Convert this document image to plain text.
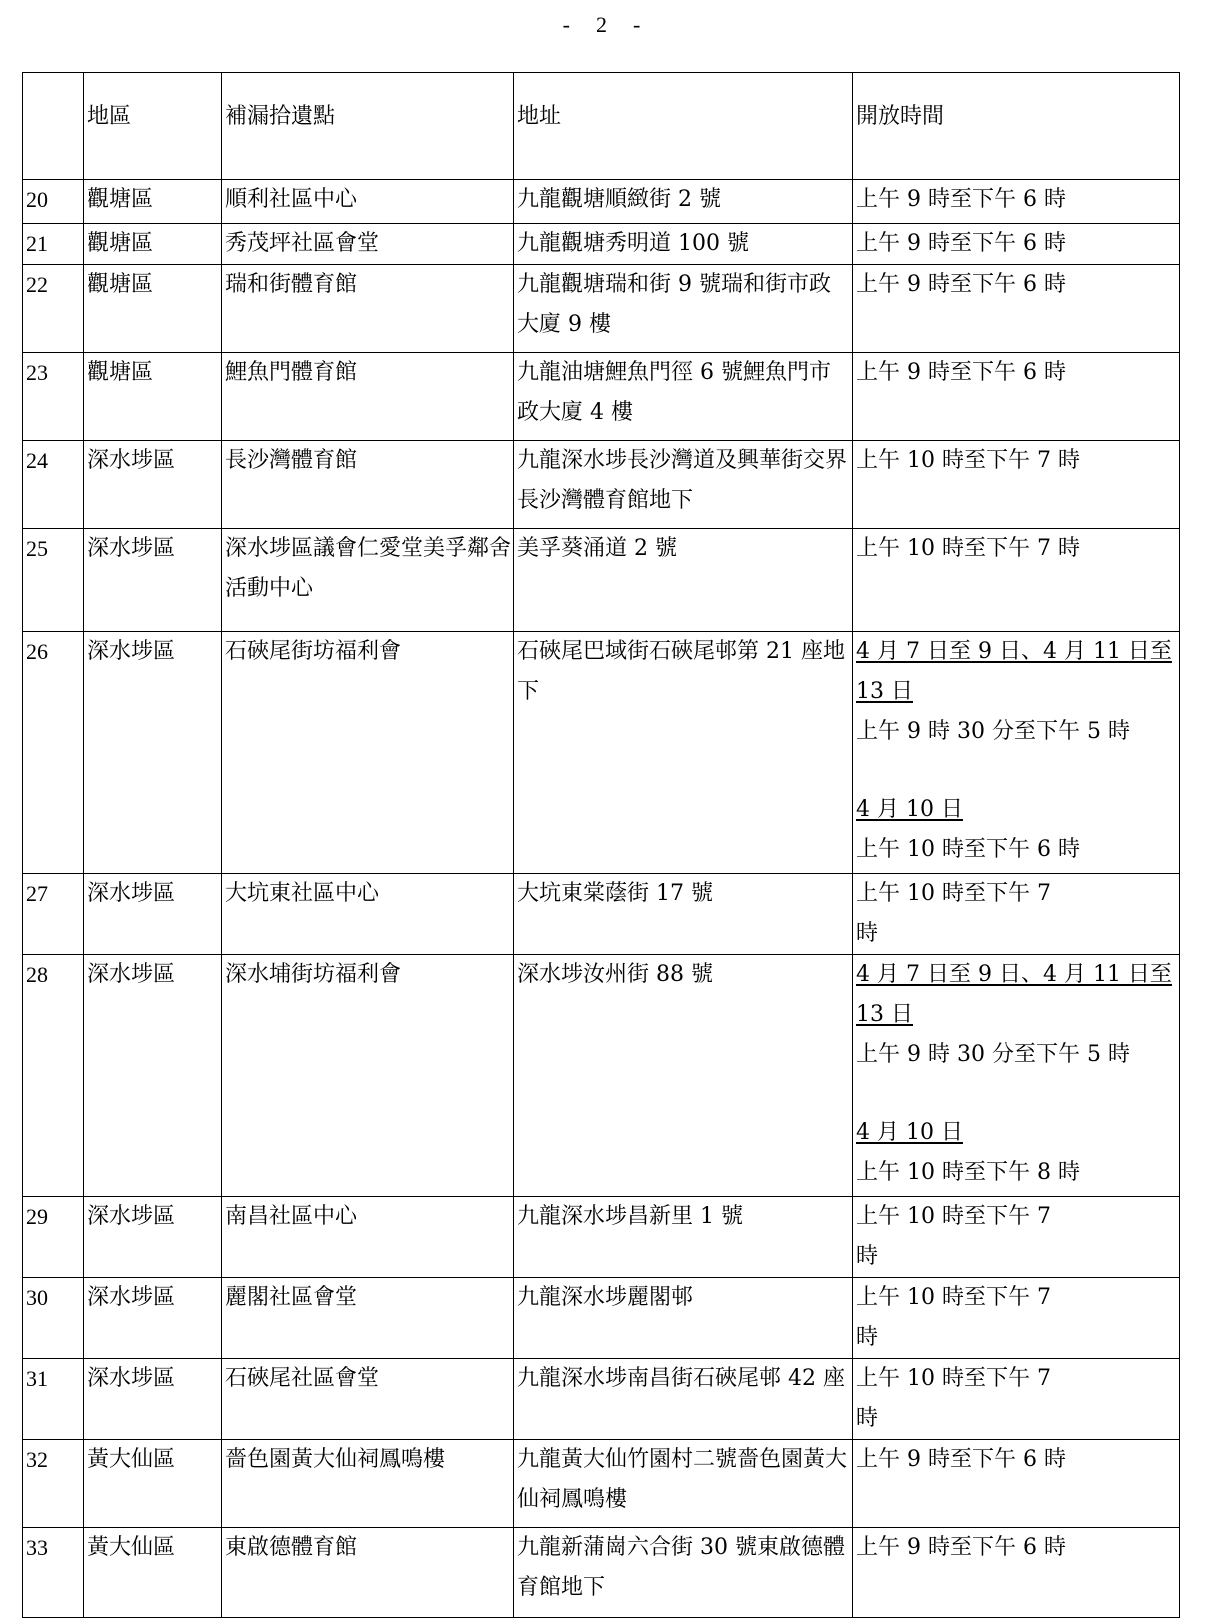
-　2　-
	地區	補漏拾遺點	地址	開放時間
20	觀塘區	順利社區中心	九龍觀塘順緻街 2 號	上午 9 時至下午 6 時
21	觀塘區	秀茂坪社區會堂	九龍觀塘秀明道 100 號	上午 9 時至下午 6 時
22	觀塘區	瑞和街體育館	九龍觀塘瑞和街 9 號瑞和街市政大廈 9 樓	上午 9 時至下午 6 時
23	觀塘區	鯉魚門體育館	九龍油塘鯉魚門徑 6 號鯉魚門市政大廈 4 樓	上午 9 時至下午 6 時
24	深水埗區	長沙灣體育館	九龍深水埗長沙灣道及興華街交界長沙灣體育館地下	上午 10 時至下午 7 時
25	深水埗區	深水埗區議會仁愛堂美孚鄰舍活動中心	美孚葵涌道 2 號	上午 10 時至下午 7 時
26	深水埗區	石硤尾街坊福利會	石硤尾巴域街石硤尾邨第 21 座地下	4 月 7 日至 9 日、4 月 11 日至 13 日
上午 9 時 30 分至下午 5 時
4 月 10 日
上午 10 時至下午 6 時

27	深水埗區	大坑東社區中心	大坑東棠蔭街 17 號	上午 10 時至下午 7 時
28	深水埗區	深水埔街坊福利會	深水埗汝州街 88 號	4 月 7 日至 9 日、4 月 11 日至 13 日
上午 9 時 30 分至下午 5 時
4 月 10 日
上午 10 時至下午 8 時

29	深水埗區	南昌社區中心	九龍深水埗昌新里 1 號	上午 10 時至下午 7 時
30	深水埗區	麗閣社區會堂	九龍深水埗麗閣邨	上午 10 時至下午 7 時
31	深水埗區	石硤尾社區會堂	九龍深水埗南昌街石硤尾邨 42 座	上午 10 時至下午 7 時
32	黃大仙區	嗇色園黃大仙祠鳳鳴樓	九龍黃大仙竹園村二號嗇色園黃大仙祠鳳鳴樓	上午 9 時至下午 6 時
33	黃大仙區	東啟德體育館	九龍新蒲崗六合街 30 號東啟德體育館地下	上午 9 時至下午 6 時
